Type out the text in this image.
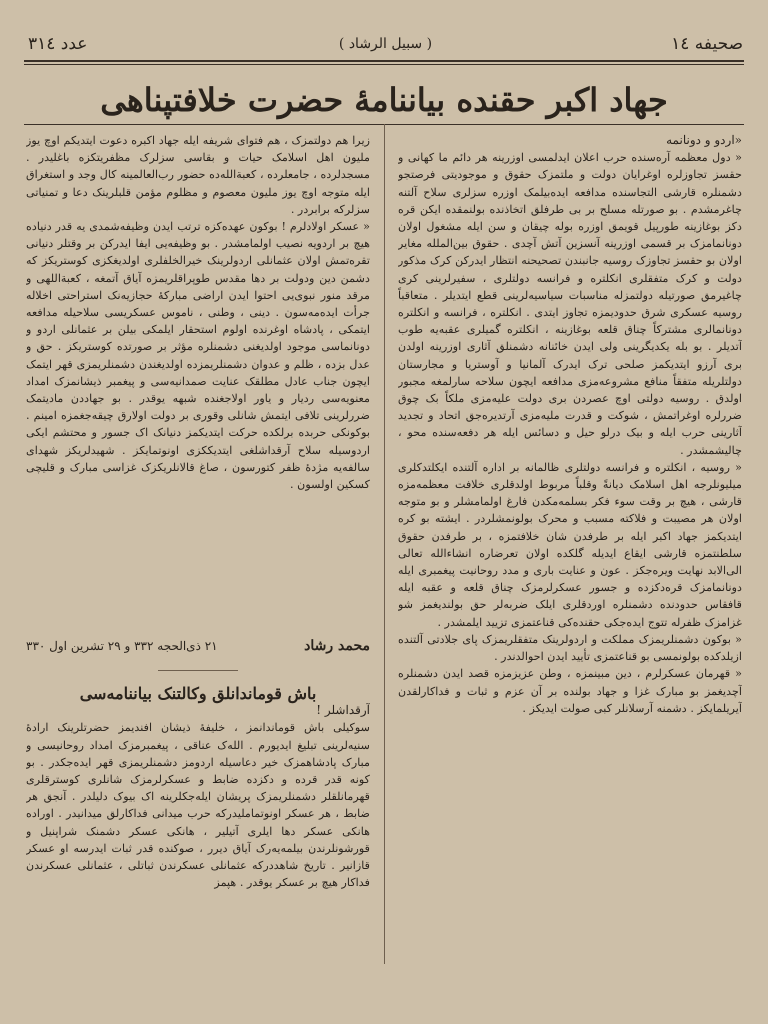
صحیفه ۱٤
( سبیل الرشاد )
عدد ۳۱٤
جهاد اکبر حقنده بیاننامهٔ حضرت خلافتپناهی

«اردو و دونانمه

« دول معظمه آره‌سنده حرب اعلان ایدلمسی اوزرینه هر دائم ما کهانی و حقسز تجاوزلره اوغرایان دولت و ملتمزک حقوق و موجودیتی فرصتجو دشمنلره قارشی التجاسنده مدافعه ایده‌بیلمک اوزره سزلری سلاح آلتنه چاغرمشدم . بو صورتله مسلح بر بی طرفلق اتخاذنده بولنمقده ایکن قره دکز بوغازینه طورپیل قویمق اوزره بوله چیقان و سن ایله مشغول اولان دونانمامزک بر قسمی اوزرینه آنسزین آتش آچدی . حقوق بین‌الملله مغایر اولان بو حقسز تجاوزک روسیه جانبندن تصحیحنه انتظار ایدرکن کرک مذکور دولت و کرک متفقلری انکلتره و فرانسه دولتلری ، سفیرلرینی کری چاغیرمق صورتیله دولتمزله مناسبات سیاسیه‌لرینی قطع ایتدیلر . متعاقباً روسیه عسکری شرق حدودیمزه تجاوز ایتدی . انکلتره ، فرانسه و انکلتره دونانمالری مشترکاً چناق قلعه بوغازینه ، انکلتره گمیلری عقبه‌یه طوب آتدیلر . بو بله یکدیگرینی ولی ایدن خائنانه دشمنلق آثاری اوزرینه اولدن بری آرزو ایتدیکمز صلحی ترک ایدرک آلمانیا و آوستریا و مجارستان دولتلریله متفقاً منافع مشروعه‌مزی مدافعه ایچون سلاحه سارلمغه مجبور اولدق . روسیه دولتی اوچ عصردن بری دولت علیه‌مزی ملکاً بک چوق ضررلره اوغراتمش ، شوکت و قدرت ملیه‌مزی آرتدیره‌جق اتحاد و تجدید آثارینی حرب ایله و بیک درلو حیل و دسائس ایله هر دفعه‌سنده محو ، چالیشمشدر .

« روسیه ، انکلتره و فرانسه دولتلری ظالمانه بر اداره آلتنده ایکلتدکلری میلیونلرجه اهل اسلامک دیانةً وقلباً مربوط اولدقلری خلافت معظمه‌مزه قارشی ، هیچ بر وقت سوء فکر بسلمه‌مکدن فارغ اولمامشلر و بو متوجه اولان هر مصیبت و فلاکته مسبب و محرک بولونمشلردر . ایشته بو کره ایتدیکمز جهاد اکبر ایله بر طرفدن شان خلافتمزه ، بر طرفدن حقوق سلطنتمزه قارشی ایقاع ایدیله گلکده اولان تعرضاره انشاءالله تعالی الی‌الابد نهایت ویره‌جکز . عون و عنایت باری و مدد روحانیت پیغمبری ایله دونانمامزک قره‌دکزده و جسور عسکرلرمزک چناق قلعه و عقبه ایله قافقاس حدودنده دشمنلره اوردقلری ایلک ضربه‌لر حق بولندیغمز شو غزامزک ظفرله تتوج ایده‌جکی حقنده‌کی قناعتمزی تزیید ایلمشدر .

« بوکون دشمنلریمزک مملکت و اردولرینک متفقلریمزک پای جلادتی آلتنده ازیلدکده بولونمسی بو قناعتمزی تأیید ایدن احوالدندر .

« قهرمان عسکرلرم ، دین مبینمزه ، وطن عزیزمزه قصد ایدن دشمنلره آچدیغمز بو مبارک غزا و جهاد بولنده بر آن عزم و ثبات و فداکارلقدن آیریلمایکز . دشمنه آرسلانلر کبی صولت ایدیکز .

زیرا هم دولتمزک ، هم فتوای شریفه ایله جهاد اکبره دعوت ایتدیکم اوچ یوز ملیون اهل اسلامک حیات و بقاسی سزلرک مظفریتکزه باغلیدر . مسجدلرده ، جامعلرده ، کعبة‌الله‌ده حضور رب‌العالمینه کال وجد و استغراق ایله متوجه اوچ یوز ملیون معصوم و مظلوم مؤمن قلبلرینک دعا و تمنیاتی سزلرکه برابردر .

« عسکر اولادلرم ! بوکون عهده‌کزه ترتب ایدن وظیفه‌شمدی یه قدر دنیاده هیچ بر اردویه نصیب اولمامشدر . بو وظیفه‌یی ایفا ایدرکن بر وقتلر دنیانی تقره‌تمش اولان عثمانلی اردولرینک خیرالخلفلری اولدیغکزی کوستریکز که دشمن دین ودولت بر دها مقدس طوپراقلریمزه آیاق آتمغه ، کعبة‌اللهی و مرقد منور نبوی‌یی احتوا ایدن اراضی مبارکهٔ حجازیه‌نک استراحتی اخلاله جرأت ایده‌مه‌سون . دینی ، وطنی ، ناموس عسکریسی سلاحیله مدافعه ایتمکی ، پادشاه اوغرنده اولوم استحقار ایلمکی بیلن بر عثمانلی اردو و دونانماسی موجود اولدیغنی دشمنلره مؤثر بر صورتده کوستریکز . حق و عدل بزده ، ظلم و عدوان دشمنلریمزده اولدیغندن دشمنلریمزی قهر ایتمک ایچون جناب عادل مطلقک عنایت صمدانیه‌سی و پیغمبر ذیشانمزک امداد معنویه‌سی ردیار و یاور اولاجغنده شبهه یوقدر . بو جهاددن مادیتمک ضررلرینی تلافی ایتمش شانلی وقوری بر دولت اولارق چیقه‌جغمزه امینم . بوکونکی حربده برلکده حرکت ایتدیکمز دنیانک اک جسور و محتشم ایکی اردوسیله سلاح آرقداشلغی ایتدیککزی اونوتمایکز . شهیدلریکز شهدای سالفه‌یه مژدهٔ ظفر کتورسون ، صاغ قالانلریکزک غزاسی مبارک و قلیچی کسکین اولسون .

محمد رشاد
۲۱ ذی‌الحجه ۳۳۲ و ۲۹ تشرین اول ۳۳۰

باش قوماندانلق وکالتنک بیاننامه‌سی

آرقداشلر !

سوکیلی باش قوماندانمز ، خلیفهٔ ذیشان افندیمز حضرتلرینک ارادهٔ سنیه‌لرینی تبلیغ ایدیورم . الله‌ک عناقی ، پیغمبرمزک امداد روحانیسی و مبارک پادشاهمزک خیر دعاسیله اردومز دشمنلریمزی قهر ایده‌جکدر . بو کونه قدر قرده و دکزده ضابط و عسکرلرمزک شانلری کوسترقلری قهرمانلقلر دشمنلریمزک پریشان ایله‌جکلرینه اک بیوک دلیلدر . آنجق هر ضابط ، هر عسکر اونوتماملیدرکه حرب میدانی فداکارلق میدانیدر . اوراده هانکی عسکر دها ایلری آتیلیر ، هانکی عسکر دشمنک شراپنیل و قورشونلرندن بیلمه‌یه‌رک آیاق دیرر ، صوکنده قدر ثبات ایدرسه او عسکر قازانیر . تاریخ شاهددرکه عثمانلی عسکرندن ثباتلی ، عثمانلی عسکرندن فداکار هیچ بر عسکر یوقدر . هپمز
